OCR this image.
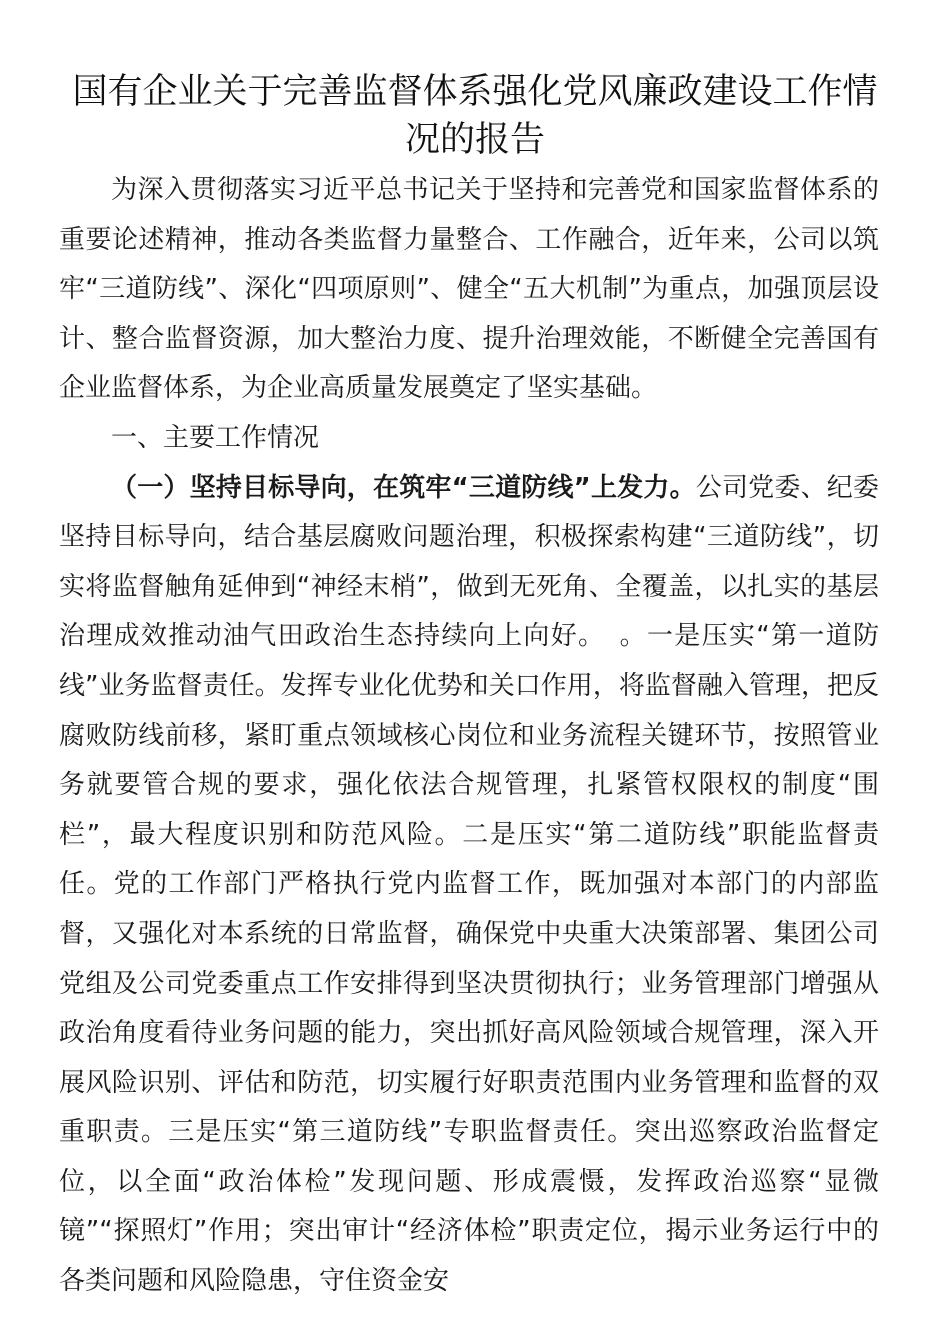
国有企业关于完善监督体系强化党风廉政建设工作情况的报告

为深入贯彻落实习近平总书记关于坚持和完善党和国家监督体系的重要论述精神，推动各类监督力量整合、工作融合，近年来，公司以筑牢“三道防线”、深化“四项原则”、健全“五大机制”为重点，加强顶层设计、整合监督资源，加大整治力度、提升治理效能，不断健全完善国有企业监督体系，为企业高质量发展奠定了坚实基础。

一、主要工作情况

（一）坚持目标导向，在筑牢“三道防线”上发力。公司党委、纪委坚持目标导向，结合基层腐败问题治理，积极探索构建“三道防线”，切实将监督触角延伸到“神经末梢”，做到无死角、全覆盖，以扎实的基层治理成效推动油气田政治生态持续向上向好。　。一是压实“第一道防线”业务监督责任。发挥专业化优势和关口作用，将监督融入管理，把反腐败防线前移，紧盯重点领域核心岗位和业务流程关键环节，按照管业务就要管合规的要求，强化依法合规管理，扎紧管权限权的制度“围栏”，最大程度识别和防范风险。二是压实“第二道防线”职能监督责任。党的工作部门严格执行党内监督工作，既加强对本部门的内部监督，又强化对本系统的日常监督，确保党中央重大决策部署、集团公司党组及公司党委重点工作安排得到坚决贯彻执行；业务管理部门增强从政治角度看待业务问题的能力，突出抓好高风险领域合规管理，深入开展风险识别、评估和防范，切实履行好职责范围内业务管理和监督的双重职责。三是压实“第三道防线”专职监督责任。突出巡察政治监督定位，以全面“政治体检”发现问题、形成震慑，发挥政治巡察“显微镜”“探照灯”作用；突出审计“经济体检”职责定位，揭示业务运行中的各类问题和风险隐患，守住资金安
